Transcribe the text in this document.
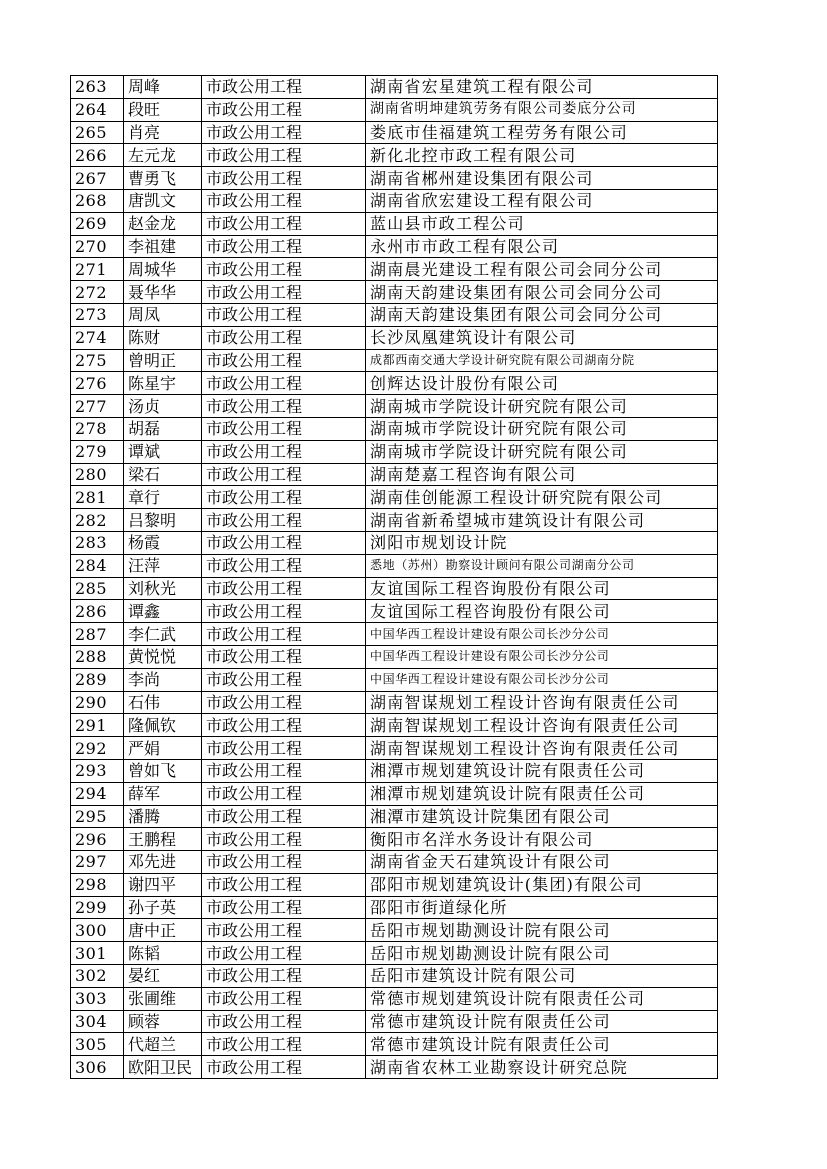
263	周峰	市政公用工程	湖南省宏星建筑工程有限公司
264	段旺	市政公用工程	湖南省明坤建筑劳务有限公司娄底分公司
265	肖亮	市政公用工程	娄底市佳福建筑工程劳务有限公司
266	左元龙	市政公用工程	新化北控市政工程有限公司
267	曹勇飞	市政公用工程	湖南省郴州建设集团有限公司
268	唐凯文	市政公用工程	湖南省欣宏建设工程有限公司
269	赵金龙	市政公用工程	蓝山县市政工程公司
270	李祖建	市政公用工程	永州市市政工程有限公司
271	周城华	市政公用工程	湖南晨光建设工程有限公司会同分公司
272	聂华华	市政公用工程	湖南天韵建设集团有限公司会同分公司
273	周凤	市政公用工程	湖南天韵建设集团有限公司会同分公司
274	陈财	市政公用工程	长沙凤凰建筑设计有限公司
275	曾明正	市政公用工程	成都西南交通大学设计研究院有限公司湖南分院
276	陈星宇	市政公用工程	创辉达设计股份有限公司
277	汤贞	市政公用工程	湖南城市学院设计研究院有限公司
278	胡磊	市政公用工程	湖南城市学院设计研究院有限公司
279	谭斌	市政公用工程	湖南城市学院设计研究院有限公司
280	梁石	市政公用工程	湖南楚嘉工程咨询有限公司
281	章行	市政公用工程	湖南佳创能源工程设计研究院有限公司
282	吕黎明	市政公用工程	湖南省新希望城市建筑设计有限公司
283	杨霞	市政公用工程	浏阳市规划设计院
284	汪萍	市政公用工程	悉地（苏州）勘察设计顾问有限公司湖南分公司
285	刘秋光	市政公用工程	友谊国际工程咨询股份有限公司
286	谭鑫	市政公用工程	友谊国际工程咨询股份有限公司
287	李仁武	市政公用工程	中国华西工程设计建设有限公司长沙分公司
288	黄悦悦	市政公用工程	中国华西工程设计建设有限公司长沙分公司
289	李尚	市政公用工程	中国华西工程设计建设有限公司长沙分公司
290	石伟	市政公用工程	湖南智谋规划工程设计咨询有限责任公司
291	隆佩钦	市政公用工程	湖南智谋规划工程设计咨询有限责任公司
292	严娟	市政公用工程	湖南智谋规划工程设计咨询有限责任公司
293	曾如飞	市政公用工程	湘潭市规划建筑设计院有限责任公司
294	薛军	市政公用工程	湘潭市规划建筑设计院有限责任公司
295	潘腾	市政公用工程	湘潭市建筑设计院集团有限公司
296	王鹏程	市政公用工程	衡阳市名洋水务设计有限公司
297	邓先进	市政公用工程	湖南省金天石建筑设计有限公司
298	谢四平	市政公用工程	邵阳市规划建筑设计(集团)有限公司
299	孙子英	市政公用工程	邵阳市街道绿化所
300	唐中正	市政公用工程	岳阳市规划勘测设计院有限公司
301	陈韬	市政公用工程	岳阳市规划勘测设计院有限公司
302	晏红	市政公用工程	岳阳市建筑设计院有限公司
303	张圃维	市政公用工程	常德市规划建筑设计院有限责任公司
304	顾蓉	市政公用工程	常德市建筑设计院有限责任公司
305	代超兰	市政公用工程	常德市建筑设计院有限责任公司
306	欧阳卫民	市政公用工程	湖南省农林工业勘察设计研究总院
